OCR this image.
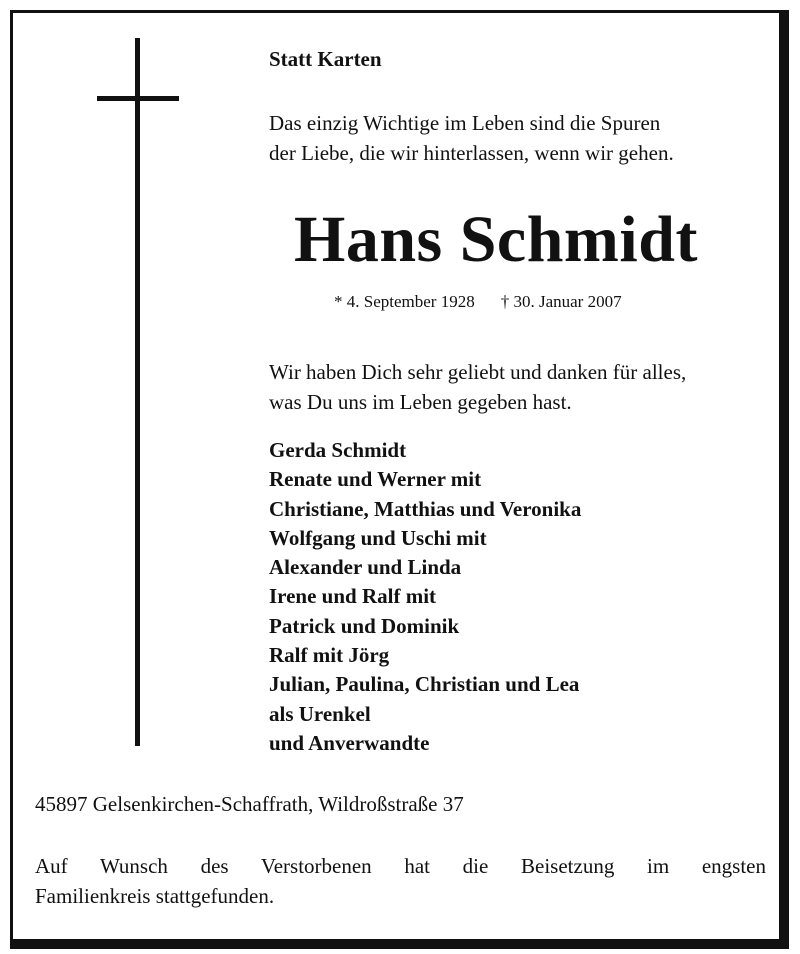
Statt Karten
Das einzig Wichtige im Leben sind die Spuren
der Liebe, die wir hinterlassen, wenn wir gehen.
Hans Schmidt
* 4. September 1928 † 30. Januar 2007
Wir haben Dich sehr geliebt und danken für alles,
was Du uns im Leben gegeben hast.
Gerda Schmidt
Renate und Werner mit
Christiane, Matthias und Veronika
Wolfgang und Uschi mit
Alexander und Linda
Irene und Ralf mit
Patrick und Dominik
Ralf mit Jörg
Julian, Paulina, Christian und Lea
als Urenkel
und Anverwandte
45897 Gelsenkirchen-Schaffrath, Wildroßstraße 37
Auf Wunsch des Verstorbenen hat die Beisetzung im engsten
Familienkreis stattgefunden.
